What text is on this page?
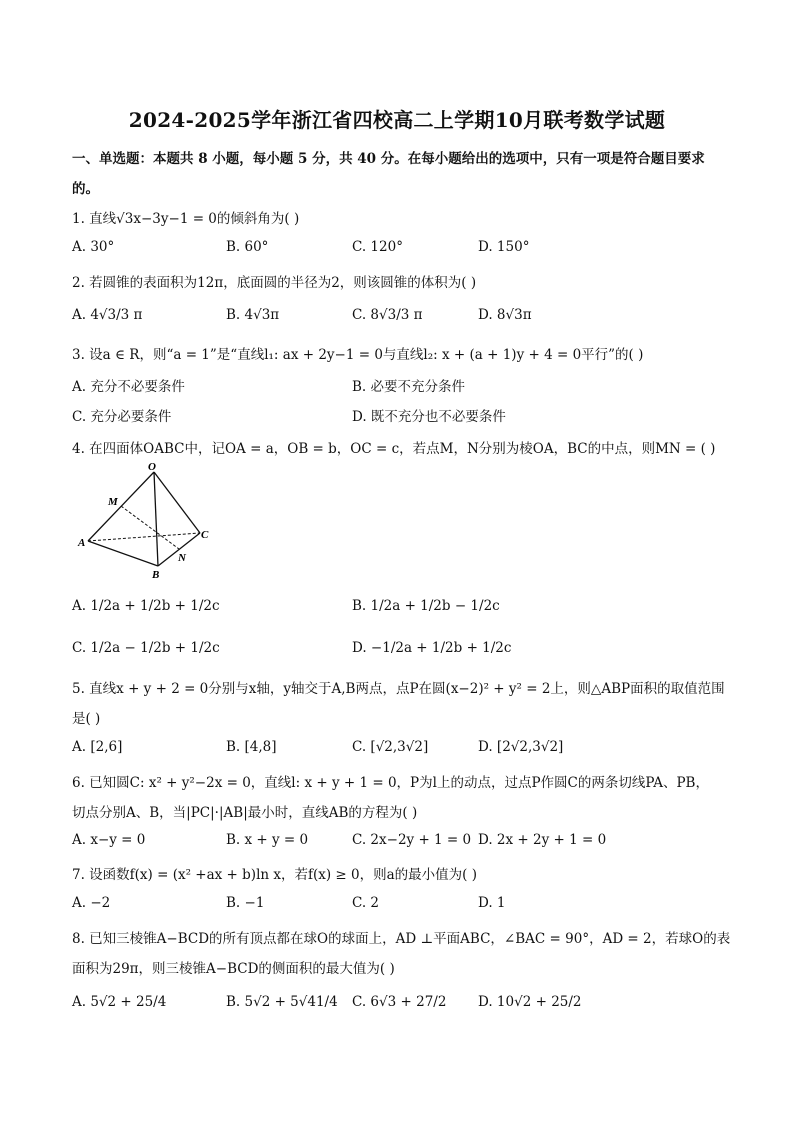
2024-2025学年浙江省四校高二上学期10月联考数学试题
一、单选题：本题共 8 小题，每小题 5 分，共 40 分。在每小题给出的选项中，只有一项是符合题目要求
的。
1. 直线√3x−3y−1 = 0的倾斜角为( )
A. 30°	B. 60°	C. 120°	D. 150°
2. 若圆锥的表面积为12π，底面圆的半径为2，则该圆锥的体积为( )
A. 4√3/3 π	B. 4√3π	C. 8√3/3 π	D. 8√3π
3. 设a ∈ R，则“a = 1”是“直线l₁: ax + 2y−1 = 0与直线l₂: x + (a + 1)y + 4 = 0平行”的( )
A. 充分不必要条件	B. 必要不充分条件
C. 充分必要条件	D. 既不充分也不必要条件
4. 在四面体OABC中，记OA = a，OB = b，OC = c，若点M，N分别为棱OA，BC的中点，则MN = ( )
O
M
A
B
C
N
A. 1/2a + 1/2b + 1/2c	B. 1/2a + 1/2b − 1/2c
C. 1/2a − 1/2b + 1/2c	D. −1/2a + 1/2b + 1/2c
5. 直线x + y + 2 = 0分别与x轴，y轴交于A,B两点，点P在圆(x−2)² + y² = 2上，则△ABP面积的取值范围
是( )
A. [2,6]	B. [4,8]	C. [√2,3√2]	D. [2√2,3√2]
6. 已知圆C: x² + y²−2x = 0，直线l: x + y + 1 = 0，P为l上的动点，过点P作圆C的两条切线PA、PB，
切点分别A、B，当|PC|·|AB|最小时，直线AB的方程为( )
A. x−y = 0	B. x + y = 0	C. 2x−2y + 1 = 0 D. 2x + 2y + 1 = 0
7. 设函数f(x) = (x² +ax + b)ln x，若f(x) ≥ 0，则a的最小值为( )
A. −2	B. −1	C. 2	D. 1
8. 已知三棱锥A−BCD的所有顶点都在球O的球面上，AD ⊥平面ABC，∠BAC = 90°，AD = 2，若球O的表
面积为29π，则三棱锥A−BCD的侧面积的最大值为( )
A. 5√2 + 25/4	B. 5√2 + 5√41/4 C. 6√3 + 27/2 D. 10√2 + 25/2
